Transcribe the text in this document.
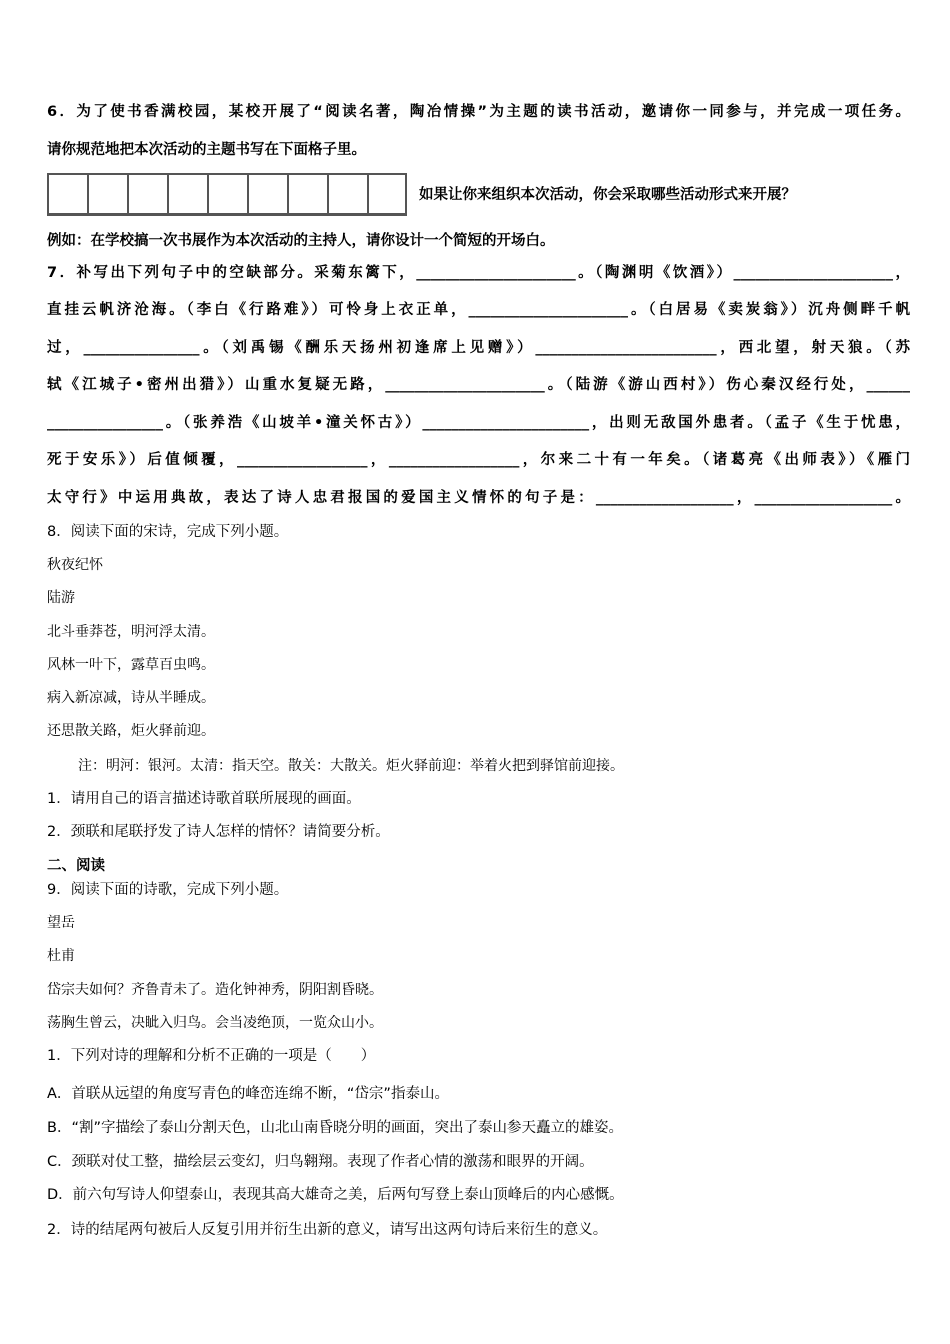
6．为了使书香满校园，某校开展了“阅读名著，陶冶情操”为主题的读书活动，邀请你一同参与，并完成一项任务。
请你规范地把本次活动的主题书写在下面格子里。
如果让你来组织本次活动，你会采取哪些活动形式来开展？
例如：在学校搞一次书展作为本次活动的主持人，请你设计一个简短的开场白。
7．补写出下列句子中的空缺部分。采菊东篱下，______________________。（陶渊明《饮酒》）______________________，
直挂云帆济沧海。（李白《行路难》）可怜身上衣正单，______________________。（白居易《卖炭翁》）沉舟侧畔千帆
过，________________。（刘禹锡《酬乐天扬州初逢席上见赠》）_________________________，西北望，射天狼。（苏
轼《江城子•密州出猎》）山重水复疑无路，______________________。（陆游《游山西村》）伤心秦汉经行处，______
________________。（张养浩《山坡羊•潼关怀古》）_______________________，出则无敌国外患者。（孟子《生于忧患，
死于安乐》）后值倾覆，__________________，__________________，尔来二十有一年矣。（诸葛亮《出师表》）《雁门
太守行》中运用典故，表达了诗人忠君报国的爱国主义情怀的句子是：___________________，___________________。
8．阅读下面的宋诗，完成下列小题。
秋夜纪怀
陆游
北斗垂莽苍，明河浮太清。
风林一叶下，露草百虫鸣。
病入新凉减，诗从半睡成。
还思散关路，炬火驿前迎。
注：明河：银河。太清：指天空。散关：大散关。炬火驿前迎：举着火把到驿馆前迎接。
1．请用自己的语言描述诗歌首联所展现的画面。
2．颈联和尾联抒发了诗人怎样的情怀？请简要分析。
二、阅读
9．阅读下面的诗歌，完成下列小题。
望岳
杜甫
岱宗夫如何？齐鲁青未了。造化钟神秀，阴阳割昏晓。
荡胸生曾云，决眦入归鸟。会当凌绝顶，一览众山小。
1．下列对诗的理解和分析不正确的一项是（　　）
A．首联从远望的角度写青色的峰峦连绵不断，“岱宗”指泰山。
B．“割”字描绘了泰山分割天色，山北山南昏晓分明的画面，突出了泰山参天矗立的雄姿。
C．颈联对仗工整，描绘层云变幻，归鸟翱翔。表现了作者心情的激荡和眼界的开阔。
D．前六句写诗人仰望泰山，表现其高大雄奇之美，后两句写登上泰山顶峰后的内心感慨。
2．诗的结尾两句被后人反复引用并衍生出新的意义，请写出这两句诗后来衍生的意义。
